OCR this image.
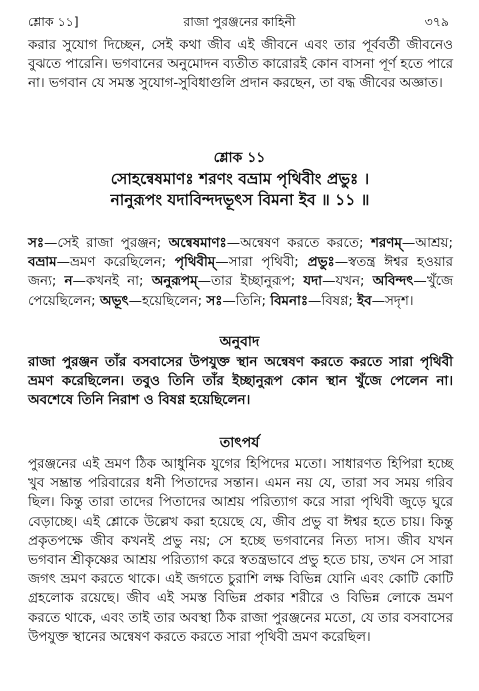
রাজা পুরঞ্জনের কাহিনী
শ্লোক ১১]	৩৭৯
করার সুযোগ দিচ্ছেন, সেই কথা জীব এই জীবনে এবং তার পূর্ববর্তী জীবনেও বুঝতে পারেনি। ভগবানের অনুমোদন ব্যতীত কারোরই কোন বাসনা পূর্ণ হতে পারে না। ভগবান যে সমস্ত সুযোগ-সুবিধাগুলি প্রদান করছেন, তা বদ্ধ জীবের অজ্ঞাত।
শ্লোক ১১
সোহন্বেষমাণঃ শরণং বভ্রাম পৃথিবীং প্রভুঃ ।
নানুরূপং যদাবিন্দদভূৎস বিমনা ইব ॥ ১১ ॥
সঃ—সেই রাজা পুরঞ্জন; অন্বেষমাণঃ—অন্বেষণ করতে করতে; শরণম্—আশ্রয়; বভ্রাম—ভ্রমণ করেছিলেন; পৃথিবীম্—সারা পৃথিবী; প্রভুঃ—স্বতন্ত্র ঈশ্বর হওয়ার জন্য; ন—কখনই না; অনুরূপম্—তার ইচ্ছানুরূপ; যদা—যখন; অবিন্দৎ—খুঁজে পেয়েছিলেন; অভূৎ—হয়েছিলেন; সঃ—তিনি; বিমনাঃ—বিষণ্ণ; ইব—সদৃশ।
অনুবাদ
রাজা পুরঞ্জন তাঁর বসবাসের উপযুক্ত স্থান অন্বেষণ করতে করতে সারা পৃথিবী ভ্রমণ করেছিলেন। তবুও তিনি তাঁর ইচ্ছানুরূপ কোন স্থান খুঁজে পেলেন না। অবশেষে তিনি নিরাশ ও বিষণ্ণ হয়েছিলেন।
তাৎপর্য
পুরঞ্জনের এই ভ্রমণ ঠিক আধুনিক যুগের হিপিদের মতো। সাধারণত হিপিরা হচ্ছে খুব সম্ভ্রান্ত পরিবারের ধনী পিতাদের সন্তান। এমন নয় যে, তারা সব সময় গরিব ছিল। কিন্তু তারা তাদের পিতাদের আশ্রয় পরিত্যাগ করে সারা পৃথিবী জুড়ে ঘুরে বেড়াচ্ছে। এই শ্লোকে উল্লেখ করা হয়েছে যে, জীব প্রভু বা ঈশ্বর হতে চায়। কিন্তু প্রকৃতপক্ষে জীব কখনই প্রভু নয়; সে হচ্ছে ভগবানের নিত্য দাস। জীব যখন ভগবান শ্রীকৃষ্ণের আশ্রয় পরিত্যাগ করে স্বতন্ত্রভাবে প্রভু হতে চায়, তখন সে সারা জগৎ ভ্রমণ করতে থাকে। এই জগতে চুরাশি লক্ষ বিভিন্ন যোনি এবং কোটি কোটি গ্রহলোক রয়েছে। জীব এই সমস্ত বিভিন্ন প্রকার শরীরে ও বিভিন্ন লোকে ভ্রমণ করতে থাকে, এবং তাই তার অবস্থা ঠিক রাজা পুরঞ্জনের মতো, যে তার বসবাসের উপযুক্ত স্থানের অন্বেষণ করতে করতে সারা পৃথিবী ভ্রমণ করেছিল।
